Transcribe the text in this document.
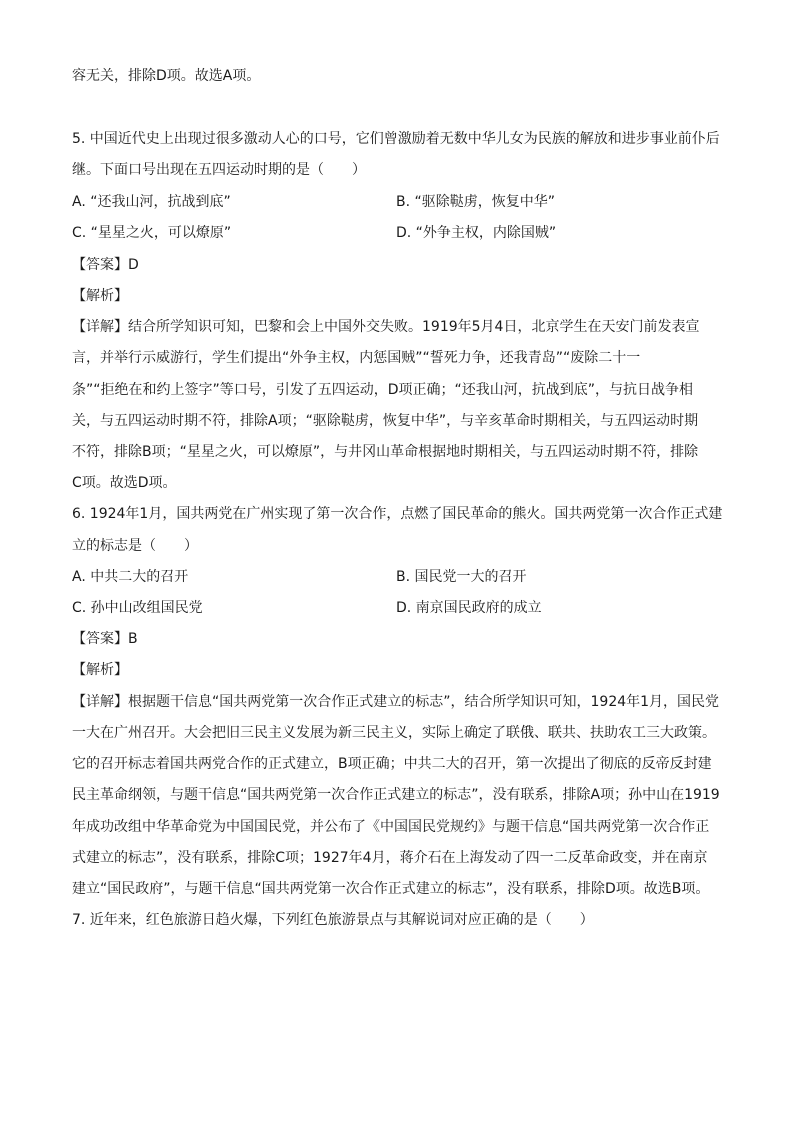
容无关，排除D项。故选A项。
5. 中国近代史上出现过很多激动人心的口号，它们曾激励着无数中华儿女为民族的解放和进步事业前仆后
继。下面口号出现在五四运动时期的是（　　）
A. “还我山河，抗战到底”	B. “驱除鞑虏，恢复中华”
C. “星星之火，可以燎原”	D. “外争主权，内除国贼”
【答案】D
【解析】
【详解】结合所学知识可知，巴黎和会上中国外交失败。1919年5月4日，北京学生在天安门前发表宣
言，并举行示威游行，学生们提出“外争主权，内惩国贼”“誓死力争，还我青岛”“废除二十一
条”“拒绝在和约上签字”等口号，引发了五四运动，D项正确；“还我山河，抗战到底”，与抗日战争相
关，与五四运动时期不符，排除A项；“驱除鞑虏，恢复中华”，与辛亥革命时期相关，与五四运动时期
不符，排除B项；“星星之火，可以燎原”，与井冈山革命根据地时期相关，与五四运动时期不符，排除
C项。故选D项。
6. 1924年1月，国共两党在广州实现了第一次合作，点燃了国民革命的熊火。国共两党第一次合作正式建
立的标志是（　　）
A. 中共二大的召开	B. 国民党一大的召开
C. 孙中山改组国民党	D. 南京国民政府的成立
【答案】B
【解析】
【详解】根据题干信息“国共两党第一次合作正式建立的标志”，结合所学知识可知，1924年1月，国民党
一大在广州召开。大会把旧三民主义发展为新三民主义，实际上确定了联俄、联共、扶助农工三大政策。
它的召开标志着国共两党合作的正式建立，B项正确；中共二大的召开，第一次提出了彻底的反帝反封建
民主革命纲领，与题干信息“国共两党第一次合作正式建立的标志”，没有联系，排除A项；孙中山在1919
年成功改组中华革命党为中国国民党，并公布了《中国国民党规约》与题干信息“国共两党第一次合作正
式建立的标志”，没有联系，排除C项；1927年4月，蒋介石在上海发动了四一二反革命政变，并在南京
建立“国民政府”，与题干信息“国共两党第一次合作正式建立的标志”，没有联系，排除D项。故选B项。
7. 近年来，红色旅游日趋火爆，下列红色旅游景点与其解说词对应正确的是（　　）
